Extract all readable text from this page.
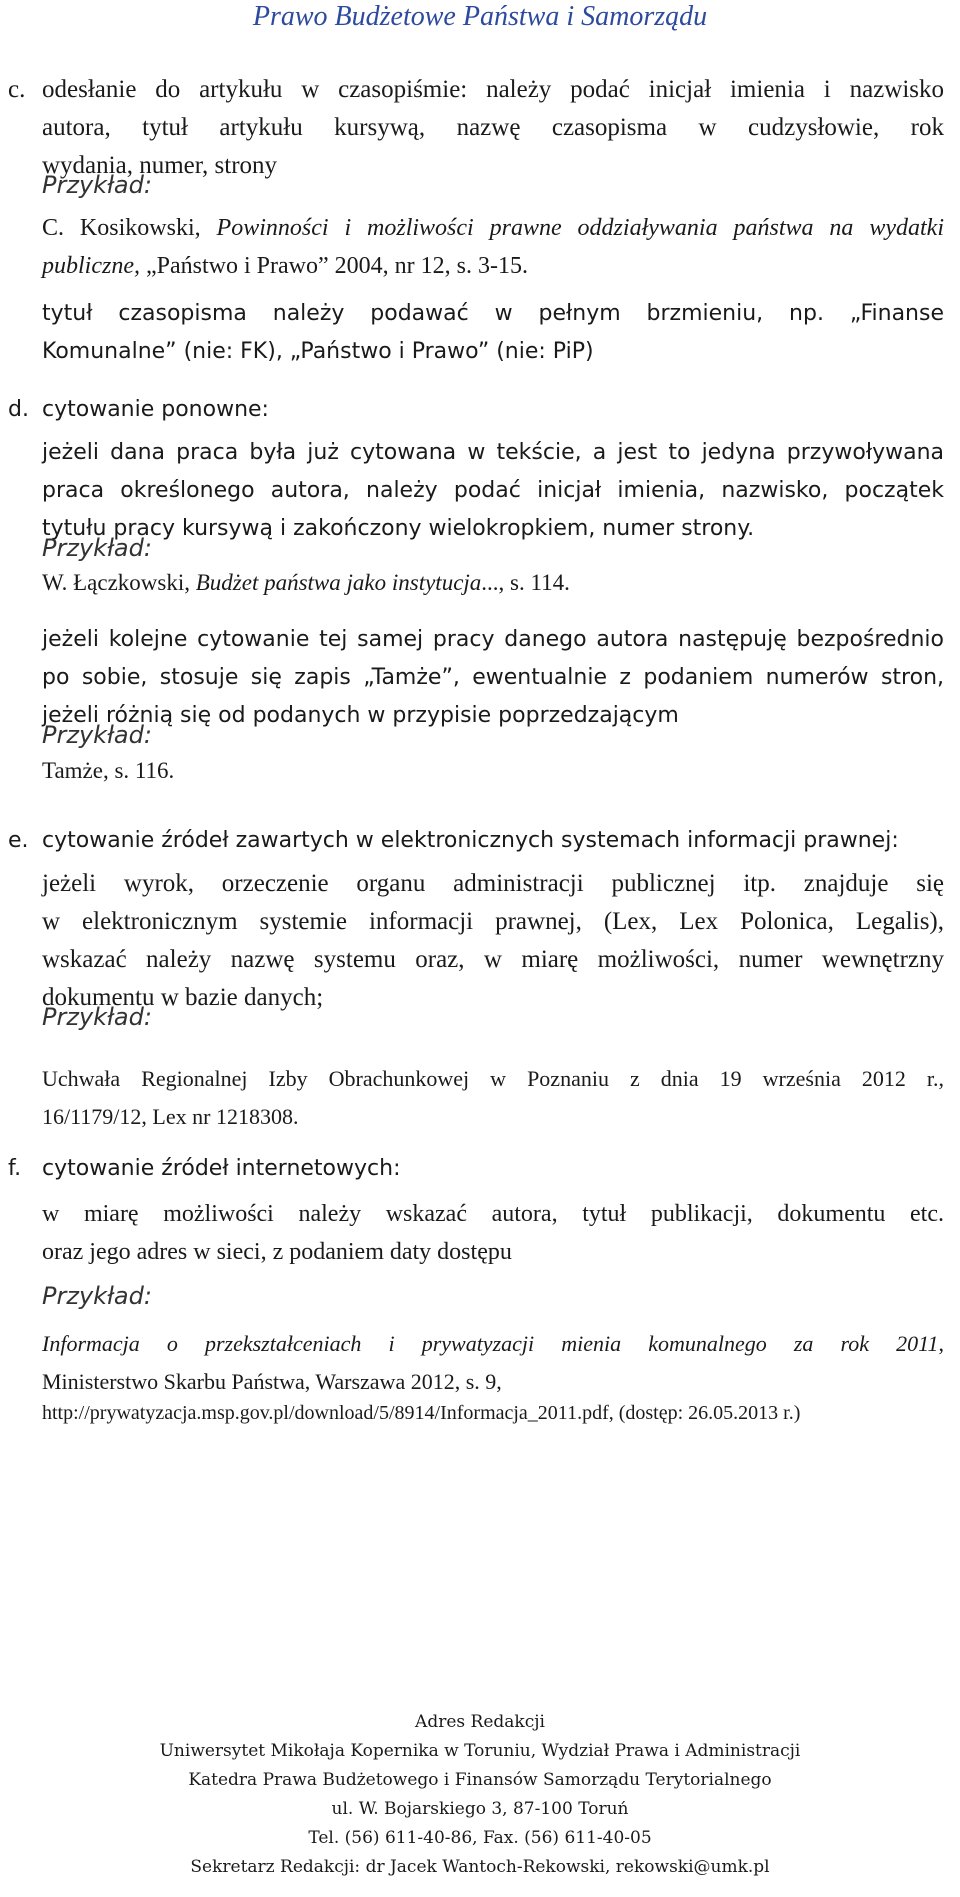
Prawo Budżetowe Państwa i Samorządu
c. odesłanie do artykułu w czasopiśmie: należy podać inicjał imienia i nazwisko
autora, tytuł artykułu kursywą, nazwę czasopisma w cudzysłowie, rok
wydania, numer, strony
Przykład:
C. Kosikowski, Powinności i możliwości prawne oddziaływania państwa na wydatki
publiczne, „Państwo i Prawo” 2004, nr 12, s. 3-15.
tytuł czasopisma należy podawać w pełnym brzmieniu, np. „Finanse
Komunalne” (nie: FK), „Państwo i Prawo” (nie: PiP)
d. cytowanie ponowne:
jeżeli dana praca była już cytowana w tekście, a jest to jedyna przywoływana
praca określonego autora, należy podać inicjał imienia, nazwisko, początek
tytułu pracy kursywą i zakończony wielokropkiem, numer strony.
Przykład:
W. Łączkowski, Budżet państwa jako instytucja..., s. 114.
jeżeli kolejne cytowanie tej samej pracy danego autora następuję bezpośrednio
po sobie, stosuje się zapis „Tamże”, ewentualnie z podaniem numerów stron,
jeżeli różnią się od podanych w przypisie poprzedzającym
Przykład:
Tamże, s. 116.
e. cytowanie źródeł zawartych w elektronicznych systemach informacji prawnej:
jeżeli wyrok, orzeczenie organu administracji publicznej itp. znajduje się
w elektronicznym systemie informacji prawnej, (Lex, Lex Polonica, Legalis),
wskazać należy nazwę systemu oraz, w miarę możliwości, numer wewnętrzny
dokumentu w bazie danych;
Przykład:
Uchwała Regionalnej Izby Obrachunkowej w Poznaniu z dnia 19 września 2012 r.,
16/1179/12, Lex nr 1218308.
f. cytowanie źródeł internetowych:
w miarę możliwości należy wskazać autora, tytuł publikacji, dokumentu etc.
oraz jego adres w sieci, z podaniem daty dostępu
Przykład:
Informacja o przekształceniach i prywatyzacji mienia komunalnego za rok 2011,
Ministerstwo Skarbu Państwa, Warszawa 2012, s. 9,
http://prywatyzacja.msp.gov.pl/download/5/8914/Informacja_2011.pdf, (dostęp: 26.05.2013 r.)
Adres Redakcji
Uniwersytet Mikołaja Kopernika w Toruniu, Wydział Prawa i Administracji
Katedra Prawa Budżetowego i Finansów Samorządu Terytorialnego
ul. W. Bojarskiego 3, 87-100 Toruń
Tel. (56) 611-40-86, Fax. (56) 611-40-05
Sekretarz Redakcji: dr Jacek Wantoch-Rekowski, rekowski@umk.pl
